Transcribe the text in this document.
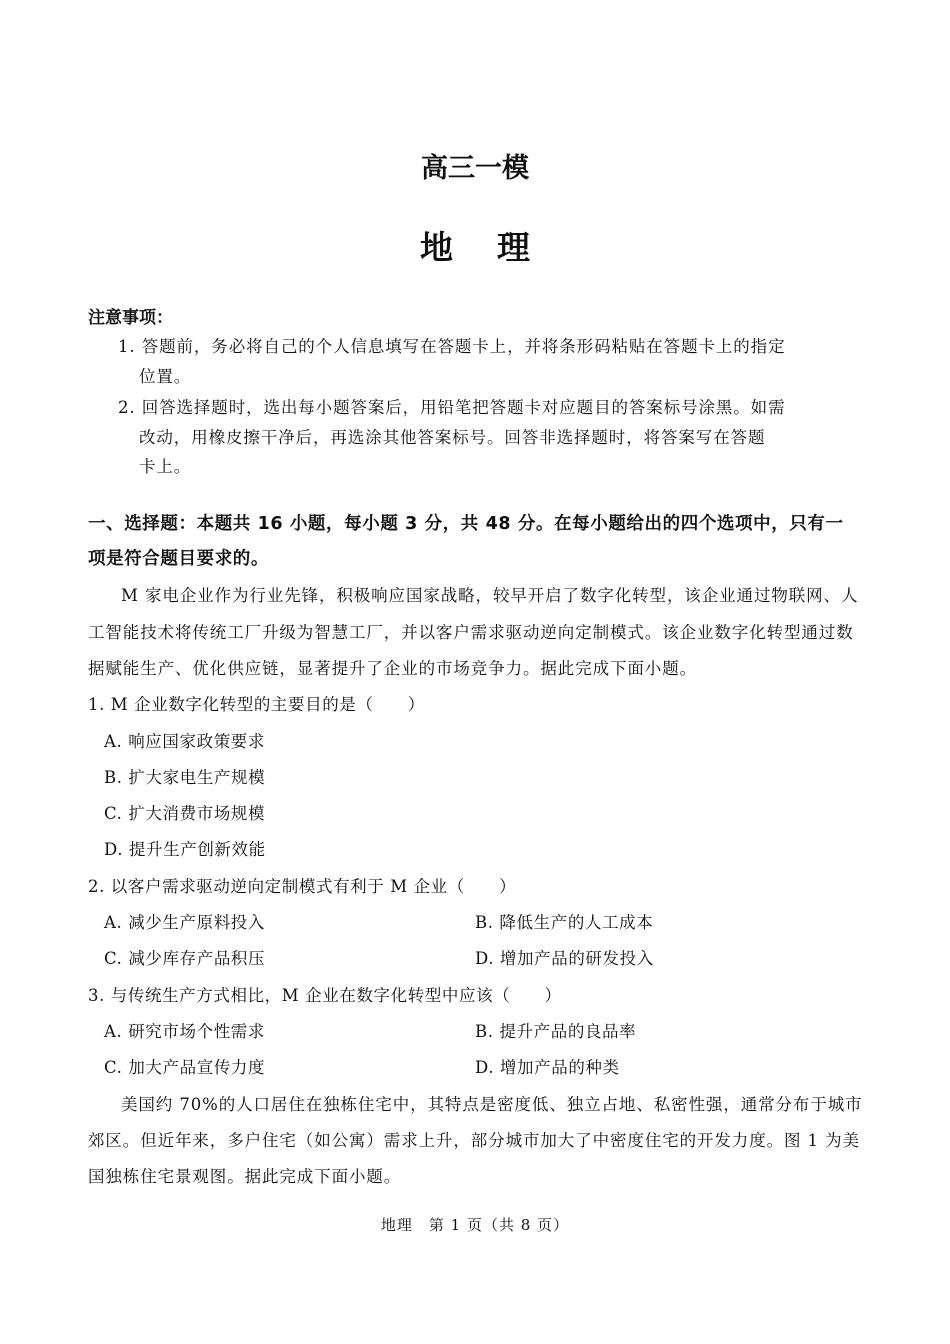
高三一模
地理
注意事项：
1. 答题前，务必将自己的个人信息填写在答题卡上，并将条形码粘贴在答题卡上的指定
位置。
2. 回答选择题时，选出每小题答案后，用铅笔把答题卡对应题目的答案标号涂黑。如需
改动，用橡皮擦干净后，再选涂其他答案标号。回答非选择题时，将答案写在答题
卡上。
一、选择题：本题共 16 小题，每小题 3 分，共 48 分。在每小题给出的四个选项中，只有一
项是符合题目要求的。
M 家电企业作为行业先锋，积极响应国家战略，较早开启了数字化转型，该企业通过物联网、人
工智能技术将传统工厂升级为智慧工厂，并以客户需求驱动逆向定制模式。该企业数字化转型通过数
据赋能生产、优化供应链，显著提升了企业的市场竞争力。据此完成下面小题。
1. M 企业数字化转型的主要目的是（　　）
A. 响应国家政策要求
B. 扩大家电生产规模
C. 扩大消费市场规模
D. 提升生产创新效能
2. 以客户需求驱动逆向定制模式有利于 M 企业（　　）
A. 减少生产原料投入	B. 降低生产的人工成本
C. 减少库存产品积压	D. 增加产品的研发投入
3. 与传统生产方式相比，M 企业在数字化转型中应该（　　）
A. 研究市场个性需求	B. 提升产品的良品率
C. 加大产品宣传力度	D. 增加产品的种类
美国约 70%的人口居住在独栋住宅中，其特点是密度低、独立占地、私密性强，通常分布于城市
郊区。但近年来，多户住宅（如公寓）需求上升，部分城市加大了中密度住宅的开发力度。图 1 为美
国独栋住宅景观图。据此完成下面小题。
地理　第 1 页（共 8 页）
